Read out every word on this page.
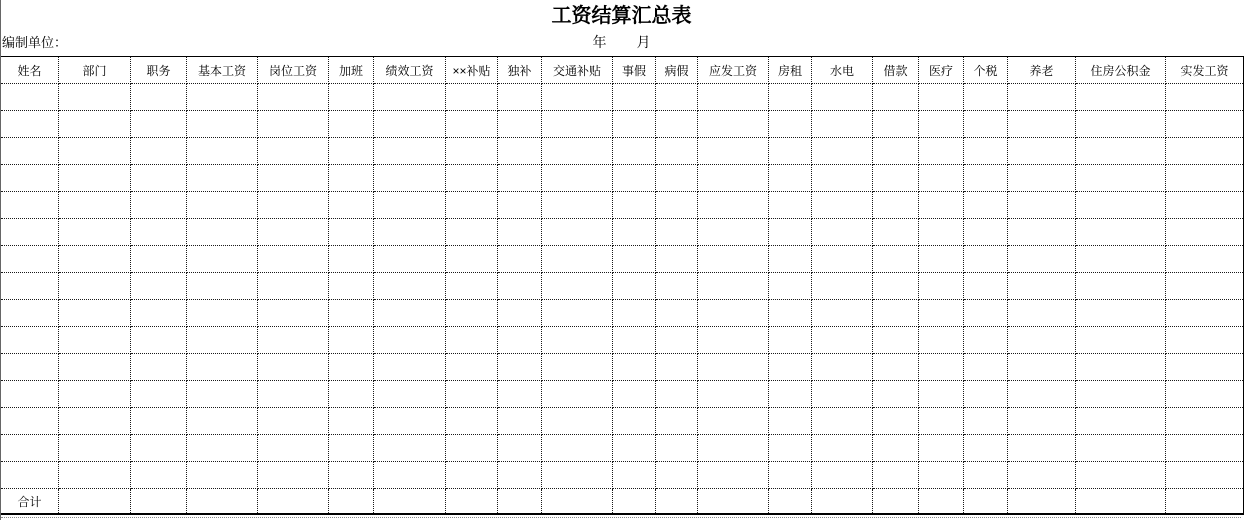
工资结算汇总表
编制单位：	年 月
姓名	部门	职务	基本工资	岗位工资	加班	绩效工资	××补贴	独补	交通补贴	事假	病假	应发工资	房租	水电	借款	医疗	个税	养老	住房公积金	实发工资

合计																				
